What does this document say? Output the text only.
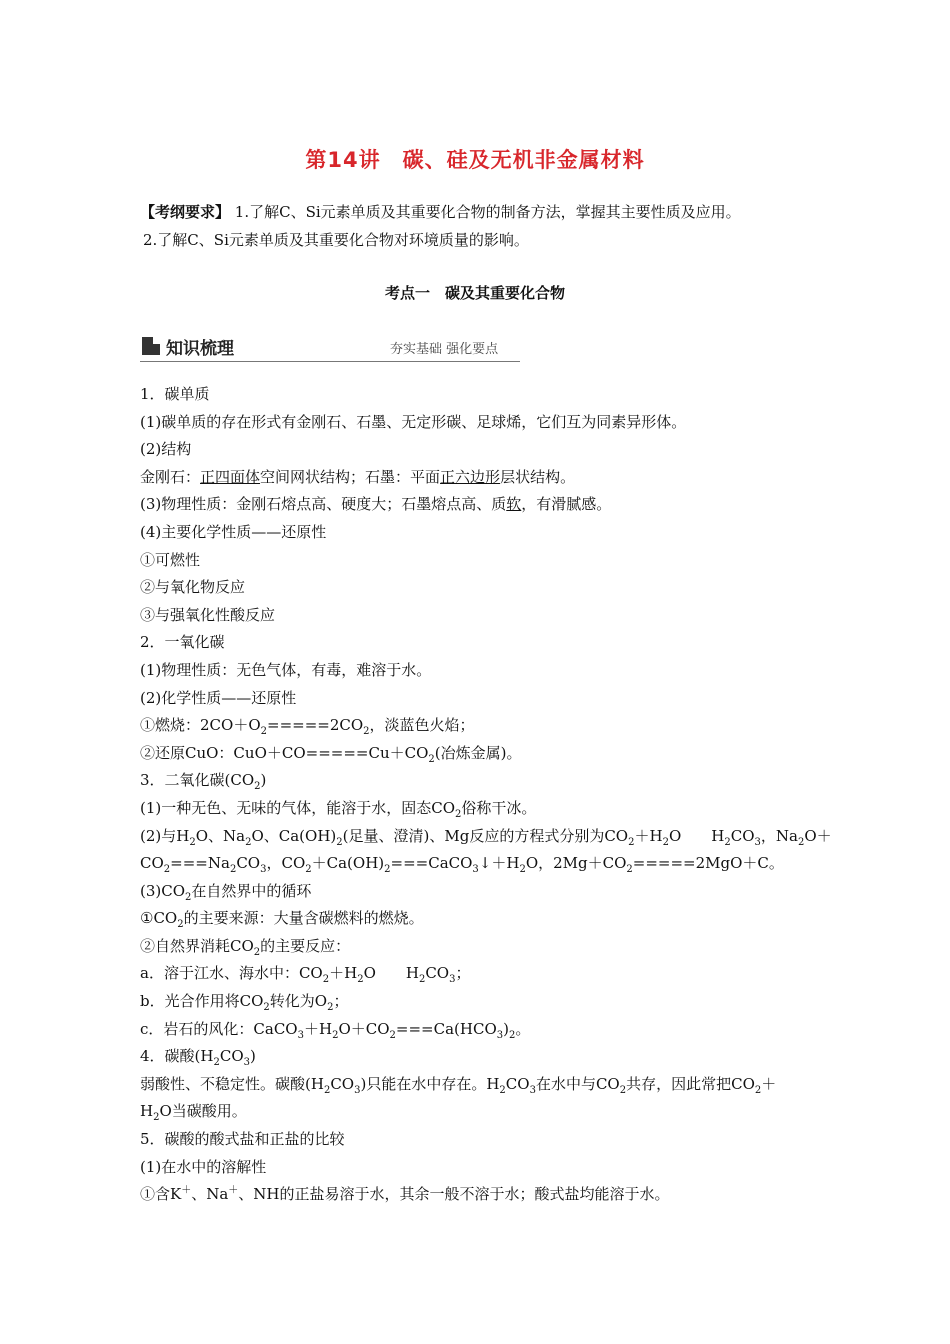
第14讲　碳、硅及无机非金属材料
【考纲要求】 1.了解C、Si元素单质及其重要化合物的制备方法，掌握其主要性质及应用。
2.了解C、Si元素单质及其重要化合物对环境质量的影响。
考点一　碳及其重要化合物
知识梳理	夯实基础 强化要点
1．碳单质
(1)碳单质的存在形式有金刚石、石墨、无定形碳、足球烯，它们互为同素异形体。
(2)结构
金刚石：正四面体空间网状结构；石墨：平面正六边形层状结构。
(3)物理性质：金刚石熔点高、硬度大；石墨熔点高、质软，有滑腻感。
(4)主要化学性质——还原性
①可燃性
②与氧化物反应
③与强氧化性酸反应
2．一氧化碳
(1)物理性质：无色气体，有毒，难溶于水。
(2)化学性质——还原性
①燃烧：$2CO+O_2=====2CO_2$，淡蓝色火焰；
②还原CuO：$CuO+CO=====Cu+CO_2$(冶炼金属)。
3．二氧化碳$(CO_2)$
(1)一种无色、无味的气体，能溶于水，固态$CO_2$俗称干冰。
(2)与$H_2O$、$Na_2O$、$Ca(OH)_2$(足量、澄清)、Mg反应的方程式分别为$CO_2+H_2O$　　$H_2CO_3$，$Na_2O+$
$CO_2===Na_2CO_3$，$CO_2+Ca(OH)_2===CaCO_3↓+H_2O$，$2Mg+CO_2=====2MgO+C$。
$(3)CO_2$在自然界中的循环
$①CO_2$的主要来源：大量含碳燃料的燃烧。
②自然界消耗$CO_2$的主要反应：
a．溶于江水、海水中：$CO_2+H_2O$　　$H_2CO_3$；
b．光合作用将$CO_2$转化为$O_2$；
c．岩石的风化：$CaCO_3+H_2O+CO_2===Ca(HCO_3)_2$。
4．碳酸$(H_2CO_3)$
弱酸性、不稳定性。碳酸$(H_2CO_3)$只能在水中存在。$H_2CO_3$在水中与$CO_2$共存，因此常把$CO_2+$
$H_2O$当碳酸用。
5．碳酸的酸式盐和正盐的比较
(1)在水中的溶解性
①含K＋、Na＋、NH的正盐易溶于水，其余一般不溶于水；酸式盐均能溶于水。
